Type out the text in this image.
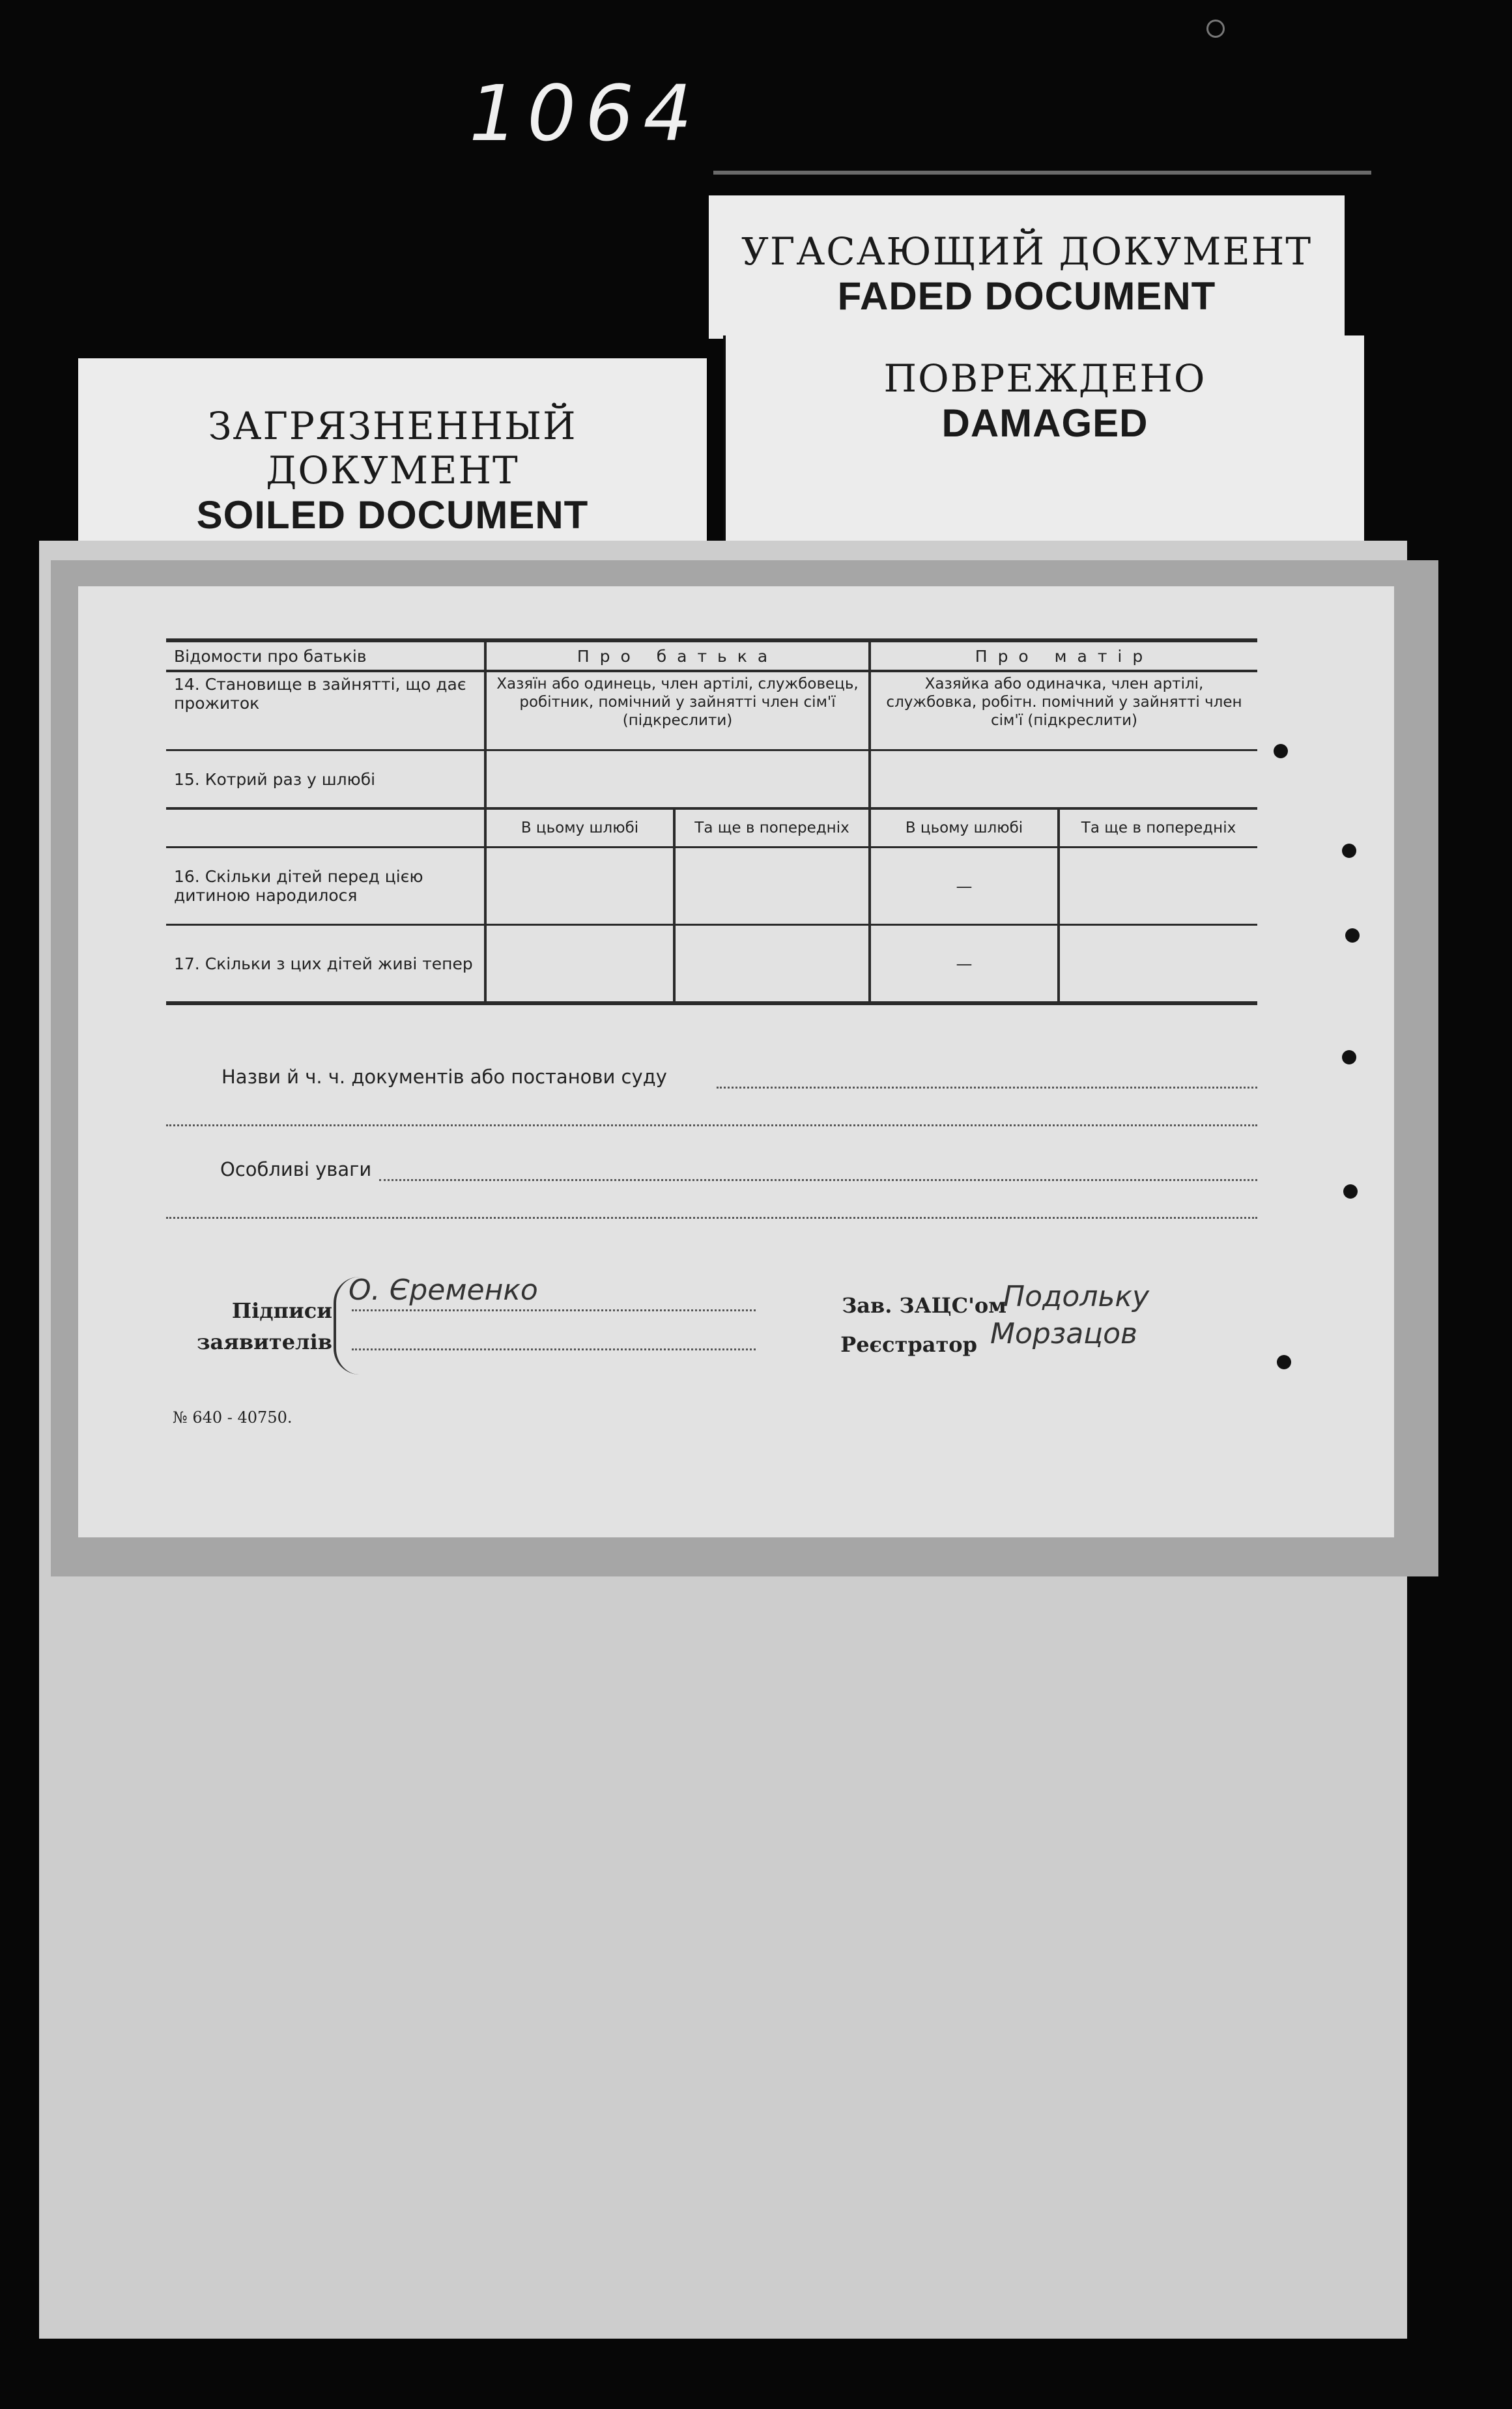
1064
УГАСАЮЩИЙ ДОКУМЕНТ
FADED DOCUMENT
ЗАГРЯЗНЕННЫЙ ДОКУМЕНТ
SOILED DOCUMENT
ПОВРЕЖДЕНО
DAMAGED
Відомости про батьків	Про батька		Про матір	
14. Становище в зайнятті, що дає прожиток	Хазяїн або одинець, член артілі, службовець, робітник, помічний у зайнятті член сім'ї (підкреслити)		Хазяйка або одиначка, член артілі, службовка, робітн. помічний у зайнятті член сім'ї (підкреслити)	
15. Котрий раз у шлюбі				
	В цьому шлюбі	Та ще в попередніх	В цьому шлюбі	Та ще в попередніх
16. Скільки дітей перед цією дитиною народилося			—	
17. Скільки з цих дітей живі тепер			—	
Назви й ч. ч. документів або постанови суду
Особливі уваги
Підписи заявителів
О. Єременко	Зав. ЗАЦС'ом
Подольку
Реєстратор Морзацов
№ 640 - 40750.
